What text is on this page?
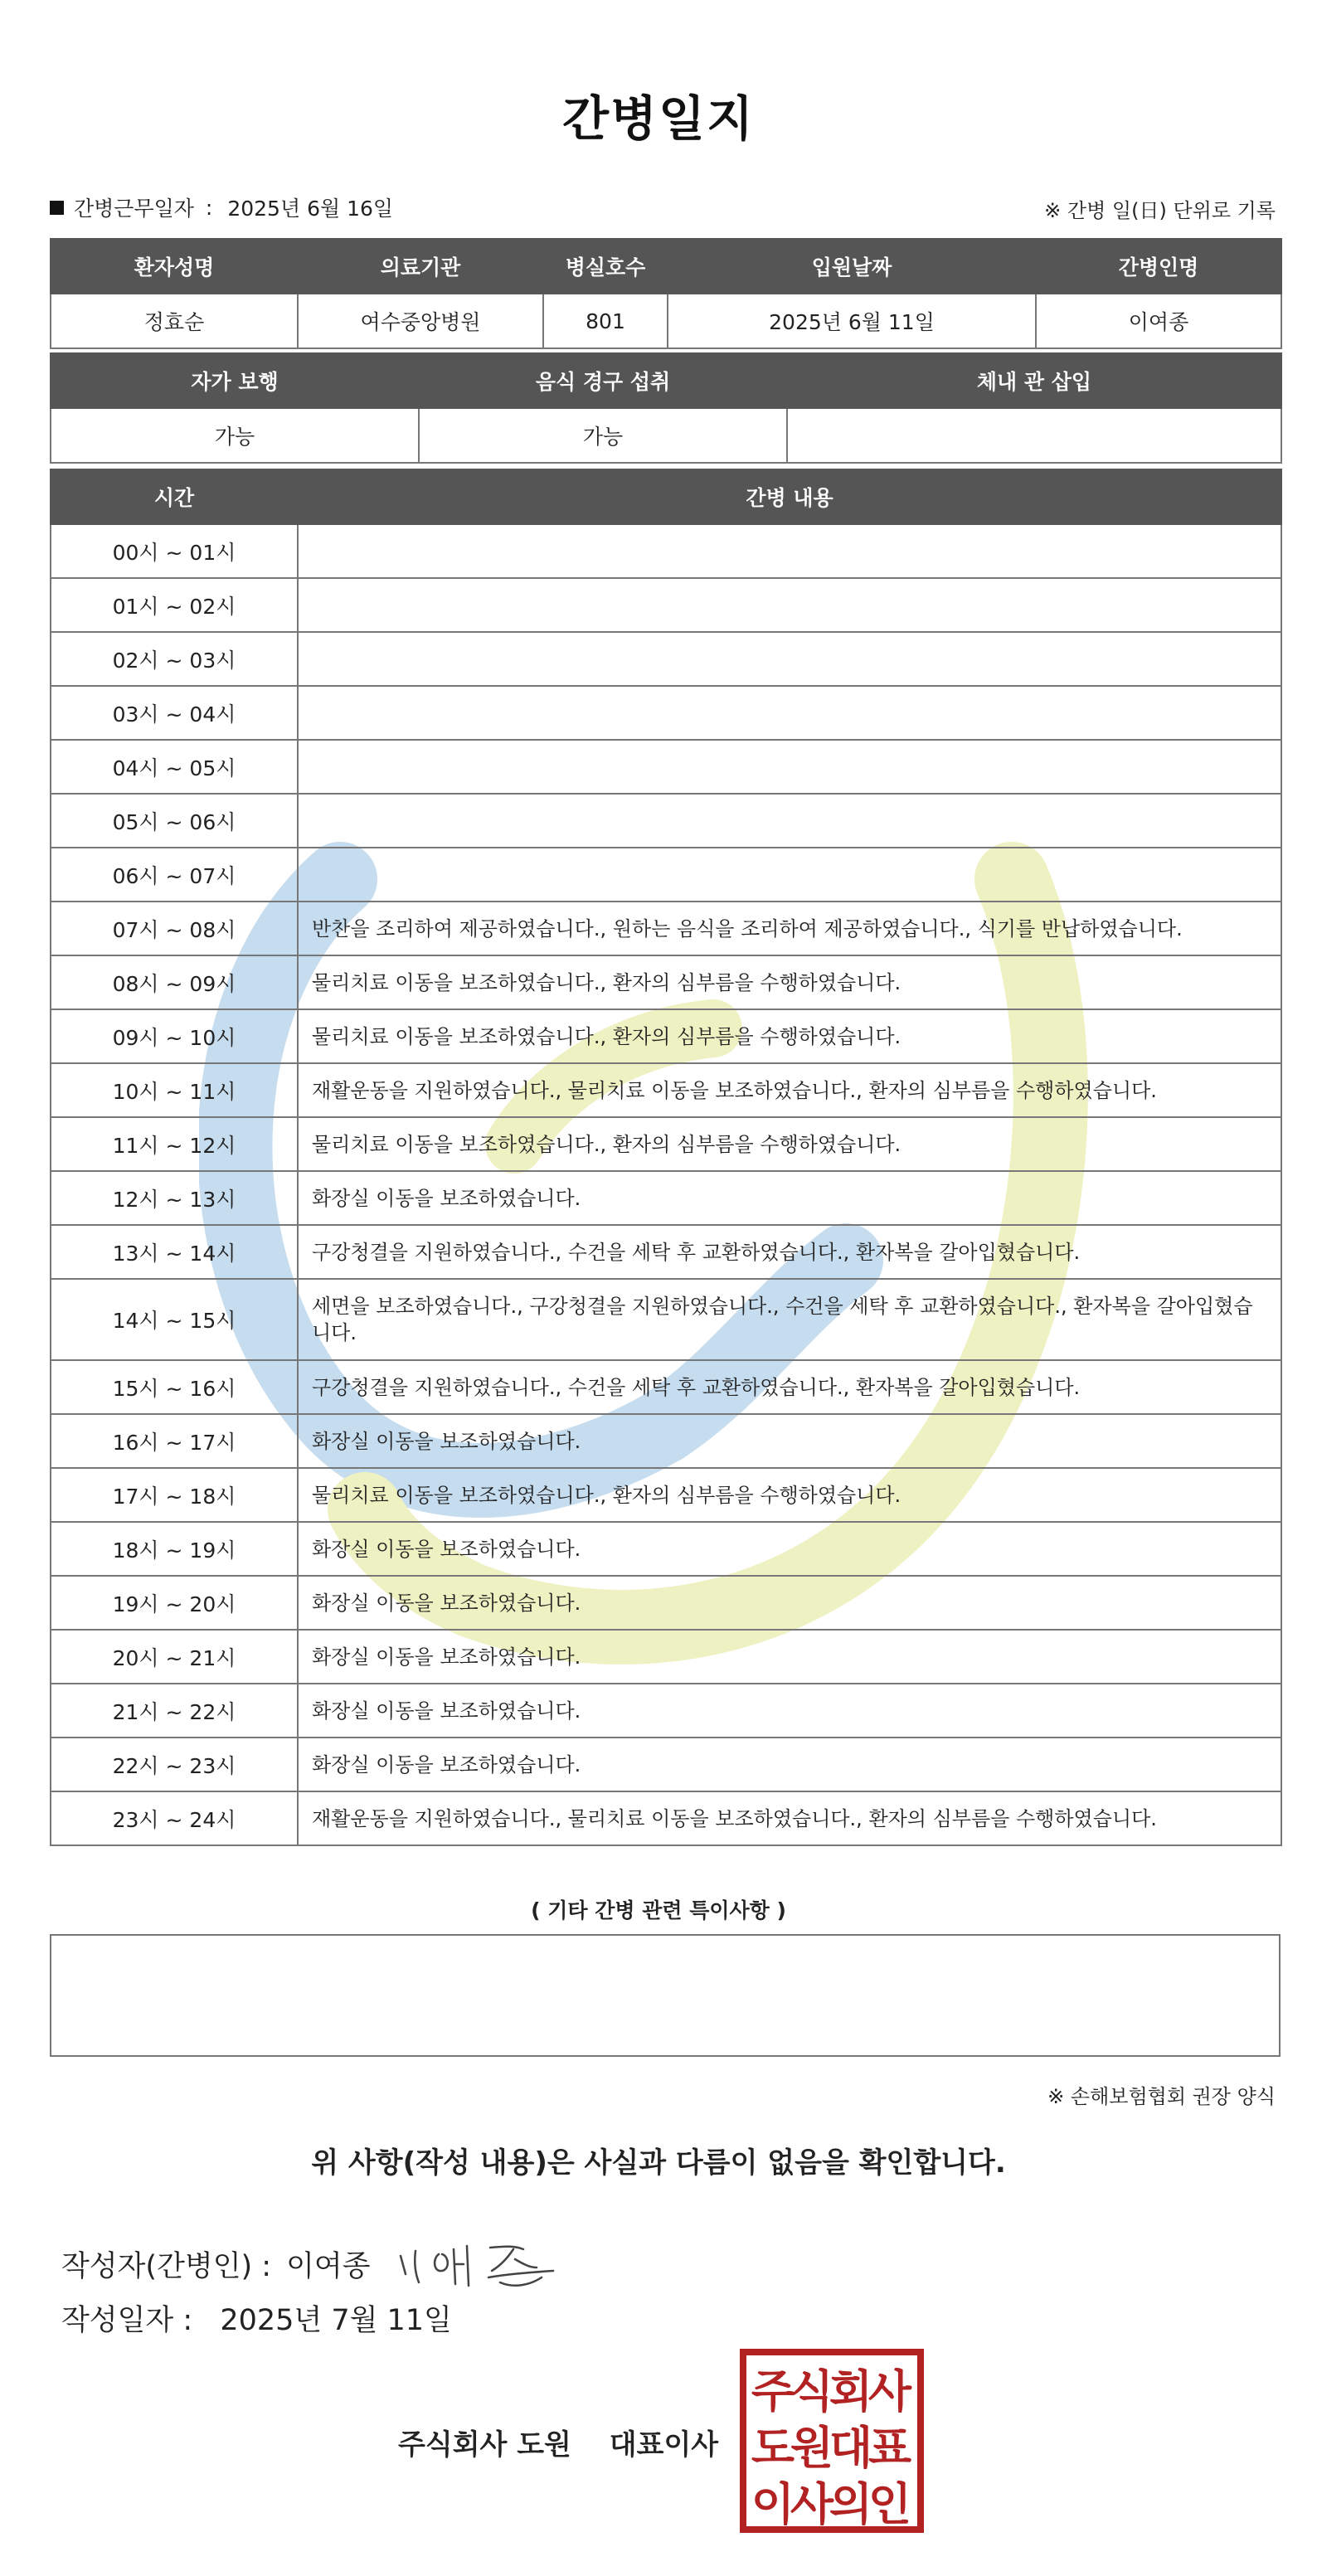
간병일지
간병근무일자 : 2025년 6월 16일	※ 간병 일(日) 단위로 기록
환자성명	의료기관	병실호수	입원날짜	간병인명
정효순	여수중앙병원	801	2025년 6월 11일	이여종
자가 보행	음식 경구 섭취	체내 관 삽입
가능	가능	
시간	간병 내용
00시 ~ 01시	
01시 ~ 02시	
02시 ~ 03시	
03시 ~ 04시	
04시 ~ 05시	
05시 ~ 06시	
06시 ~ 07시	
07시 ~ 08시	반찬을 조리하여 제공하였습니다., 원하는 음식을 조리하여 제공하였습니다., 식기를 반납하였습니다.
08시 ~ 09시	물리치료 이동을 보조하였습니다., 환자의 심부름을 수행하였습니다.
09시 ~ 10시	물리치료 이동을 보조하였습니다., 환자의 심부름을 수행하였습니다.
10시 ~ 11시	재활운동을 지원하였습니다., 물리치료 이동을 보조하였습니다., 환자의 심부름을 수행하였습니다.
11시 ~ 12시	물리치료 이동을 보조하였습니다., 환자의 심부름을 수행하였습니다.
12시 ~ 13시	화장실 이동을 보조하였습니다.
13시 ~ 14시	구강청결을 지원하였습니다., 수건을 세탁 후 교환하였습니다., 환자복을 갈아입혔습니다.
14시 ~ 15시	세면을 보조하였습니다., 구강청결을 지원하였습니다., 수건을 세탁 후 교환하였습니다., 환자복을 갈아입혔습니다.
15시 ~ 16시	구강청결을 지원하였습니다., 수건을 세탁 후 교환하였습니다., 환자복을 갈아입혔습니다.
16시 ~ 17시	화장실 이동을 보조하였습니다.
17시 ~ 18시	물리치료 이동을 보조하였습니다., 환자의 심부름을 수행하였습니다.
18시 ~ 19시	화장실 이동을 보조하였습니다.
19시 ~ 20시	화장실 이동을 보조하였습니다.
20시 ~ 21시	화장실 이동을 보조하였습니다.
21시 ~ 22시	화장실 이동을 보조하였습니다.
22시 ~ 23시	화장실 이동을 보조하였습니다.
23시 ~ 24시	재활운동을 지원하였습니다., 물리치료 이동을 보조하였습니다., 환자의 심부름을 수행하였습니다.
( 기타 간병 관련 특이사항 )
※ 손해보험협회 권장 양식
위 사항(작성 내용)은 사실과 다름이 없음을 확인합니다.
작성자(간병인) : 이여종
작성일자 : 2025년 7월 11일
주식회사 도원 대표이사
주
식
회
사
도
원
대
표
이
사
의
인
